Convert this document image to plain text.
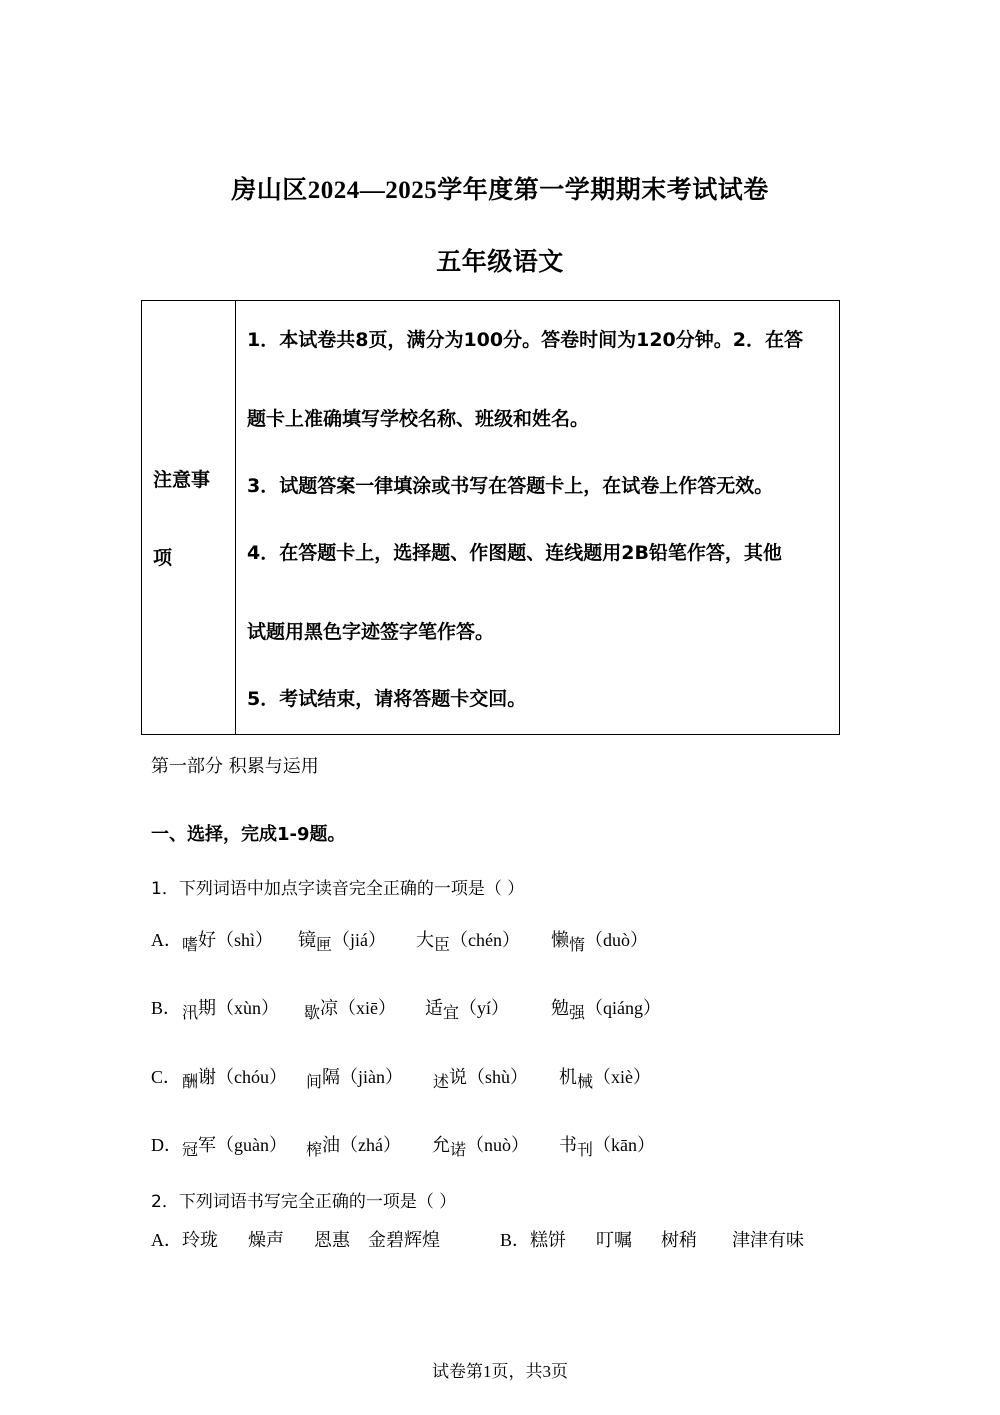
房山区2024—2025学年度第一学期期末考试试卷
五年级语文
注意事
项
1．本试卷共8页，满分为100分。答卷时间为120分钟。2．在答
题卡上准确填写学校名称、班级和姓名。
3．试题答案一律填涂或书写在答题卡上，在试卷上作答无效。
4．在答题卡上，选择题、作图题、连线题用2B铅笔作答，其他
试题用黑色字迹签字笔作答。
5．考试结束，请将答题卡交回。
第一部分 积累与运用
一、选择，完成1-9题。
1．下列词语中加点字读音完全正确的一项是（ ）
A． 嗜好（shì） 镜匣（jiá） 大臣（chén） 懒惰（duò）
B． 汛期（xùn） 歇凉（xiē） 适宜（yí） 勉强（qiáng）
C． 酬谢（chóu） 间隔（jiàn） 述说（shù） 机械（xiè）
D． 冠军（guàn） 榨油（zhá） 允诺（nuò） 书刊（kān）
2．下列词语书写完全正确的一项是（ ）
A． 玲珑 燥声 恩惠 金碧辉煌	B． 糕饼 叮嘱 树稍 津津有味
试卷第1页，共3页
